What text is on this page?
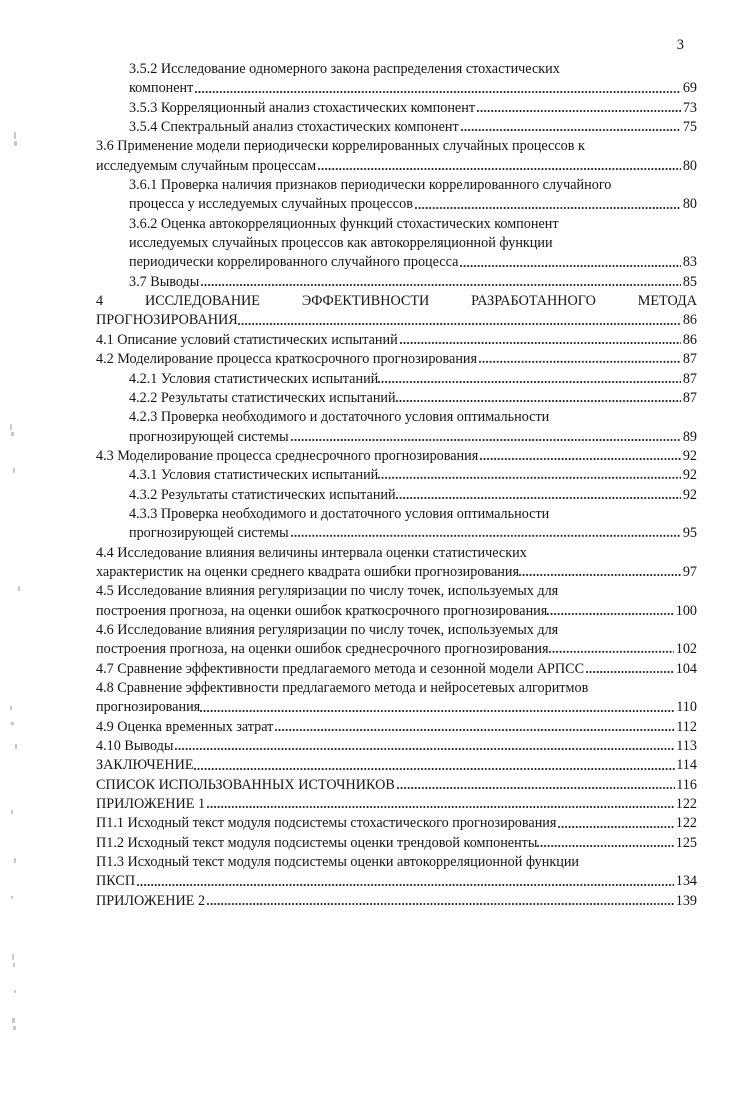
3
3.5.2 Исследование одномерного закона распределения стохастических
компонент	69
3.5.3 Корреляционный анализ стохастических компонент	73
3.5.4 Спектральный анализ стохастических компонент	75
3.6 Применение модели периодически коррелированных случайных процессов к
исследуемым случайным процессам	80
3.6.1 Проверка наличия признаков периодически коррелированного случайного
процесса у исследуемых случайных процессов	80
3.6.2 Оценка автокорреляционных функций стохастических компонент
исследуемых случайных процессов как автокорреляционной функции
периодически коррелированного случайного процесса	83
3.7 Выводы	85
4	ИССЛЕДОВАНИЕ	ЭФФЕКТИВНОСТИ	РАЗРАБОТАННОГО	МЕТОДА
ПРОГНОЗИРОВАНИЯ	86
4.1 Описание условий статистических испытаний	86
4.2 Моделирование процесса краткосрочного прогнозирования	87
4.2.1 Условия статистических испытаний	87
4.2.2 Результаты статистических испытаний	87
4.2.3 Проверка необходимого и достаточного условия оптимальности
прогнозирующей системы	89
4.3 Моделирование процесса среднесрочного прогнозирования	92
4.3.1 Условия статистических испытаний	92
4.3.2 Результаты статистических испытаний	92
4.3.3 Проверка необходимого и достаточного условия оптимальности
прогнозирующей системы	95
4.4 Исследование влияния величины интервала оценки статистических
характеристик на оценки среднего квадрата ошибки прогнозирования	97
4.5 Исследование влияния регуляризации по числу точек, используемых для
построения прогноза, на оценки ошибок краткосрочного прогнозирования	100
4.6 Исследование влияния регуляризации по числу точек, используемых для
построения прогноза, на оценки ошибок среднесрочного прогнозирования	102
4.7 Сравнение эффективности предлагаемого метода и сезонной модели АРПСС	104
4.8 Сравнение эффективности предлагаемого метода и нейросетевых алгоритмов
прогнозирования	110
4.9 Оценка временных затрат	112
4.10 Выводы	113
ЗАКЛЮЧЕНИЕ	114
СПИСОК ИСПОЛЬЗОВАННЫХ ИСТОЧНИКОВ	116
ПРИЛОЖЕНИЕ 1	122
П1.1 Исходный текст модуля подсистемы стохастического прогнозирования	122
П1.2 Исходный текст модуля подсистемы оценки трендовой компоненты	125
П1.3 Исходный текст модуля подсистемы оценки автокорреляционной функции
ПКСП	134
ПРИЛОЖЕНИЕ 2	139
